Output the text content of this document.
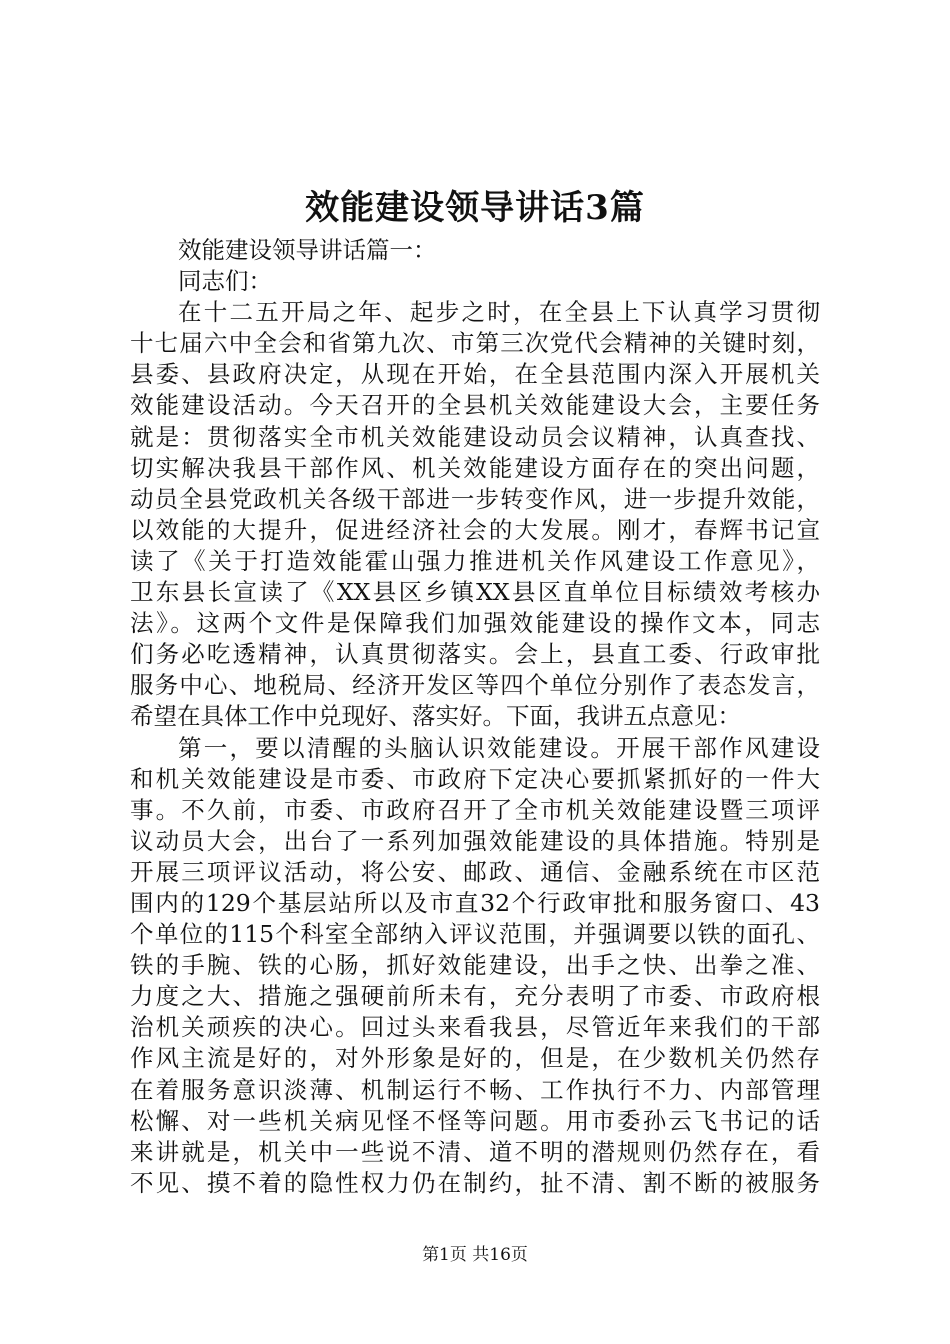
效能建设领导讲话3篇
效能建设领导讲话篇一：
同志们：
在十二五开局之年、起步之时，在全县上下认真学习贯彻
十七届六中全会和省第九次、市第三次党代会精神的关键时刻，
县委、县政府决定，从现在开始，在全县范围内深入开展机关
效能建设活动。今天召开的全县机关效能建设大会，主要任务
就是：贯彻落实全市机关效能建设动员会议精神，认真查找、
切实解决我县干部作风、机关效能建设方面存在的突出问题，
动员全县党政机关各级干部进一步转变作风，进一步提升效能，
以效能的大提升，促进经济社会的大发展。刚才，春辉书记宣
读了《关于打造效能霍山强力推进机关作风建设工作意见》，
卫东县长宣读了《XX县区乡镇XX县区直单位目标绩效考核办
法》。这两个文件是保障我们加强效能建设的操作文本，同志
们务必吃透精神，认真贯彻落实。会上，县直工委、行政审批
服务中心、地税局、经济开发区等四个单位分别作了表态发言，
希望在具体工作中兑现好、落实好。下面，我讲五点意见：
第一，要以清醒的头脑认识效能建设。开展干部作风建设
和机关效能建设是市委、市政府下定决心要抓紧抓好的一件大
事。不久前，市委、市政府召开了全市机关效能建设暨三项评
议动员大会，出台了一系列加强效能建设的具体措施。特别是
开展三项评议活动，将公安、邮政、通信、金融系统在市区范
围内的129个基层站所以及市直32个行政审批和服务窗口、43
个单位的115个科室全部纳入评议范围，并强调要以铁的面孔、
铁的手腕、铁的心肠，抓好效能建设，出手之快、出拳之准、
力度之大、措施之强硬前所未有，充分表明了市委、市政府根
治机关顽疾的决心。回过头来看我县，尽管近年来我们的干部
作风主流是好的，对外形象是好的，但是，在少数机关仍然存
在着服务意识淡薄、机制运行不畅、工作执行不力、内部管理
松懈、对一些机关病见怪不怪等问题。用市委孙云飞书记的话
来讲就是，机关中一些说不清、道不明的潜规则仍然存在，看
不见、摸不着的隐性权力仍在制约，扯不清、割不断的被服务
第1页 共16页
